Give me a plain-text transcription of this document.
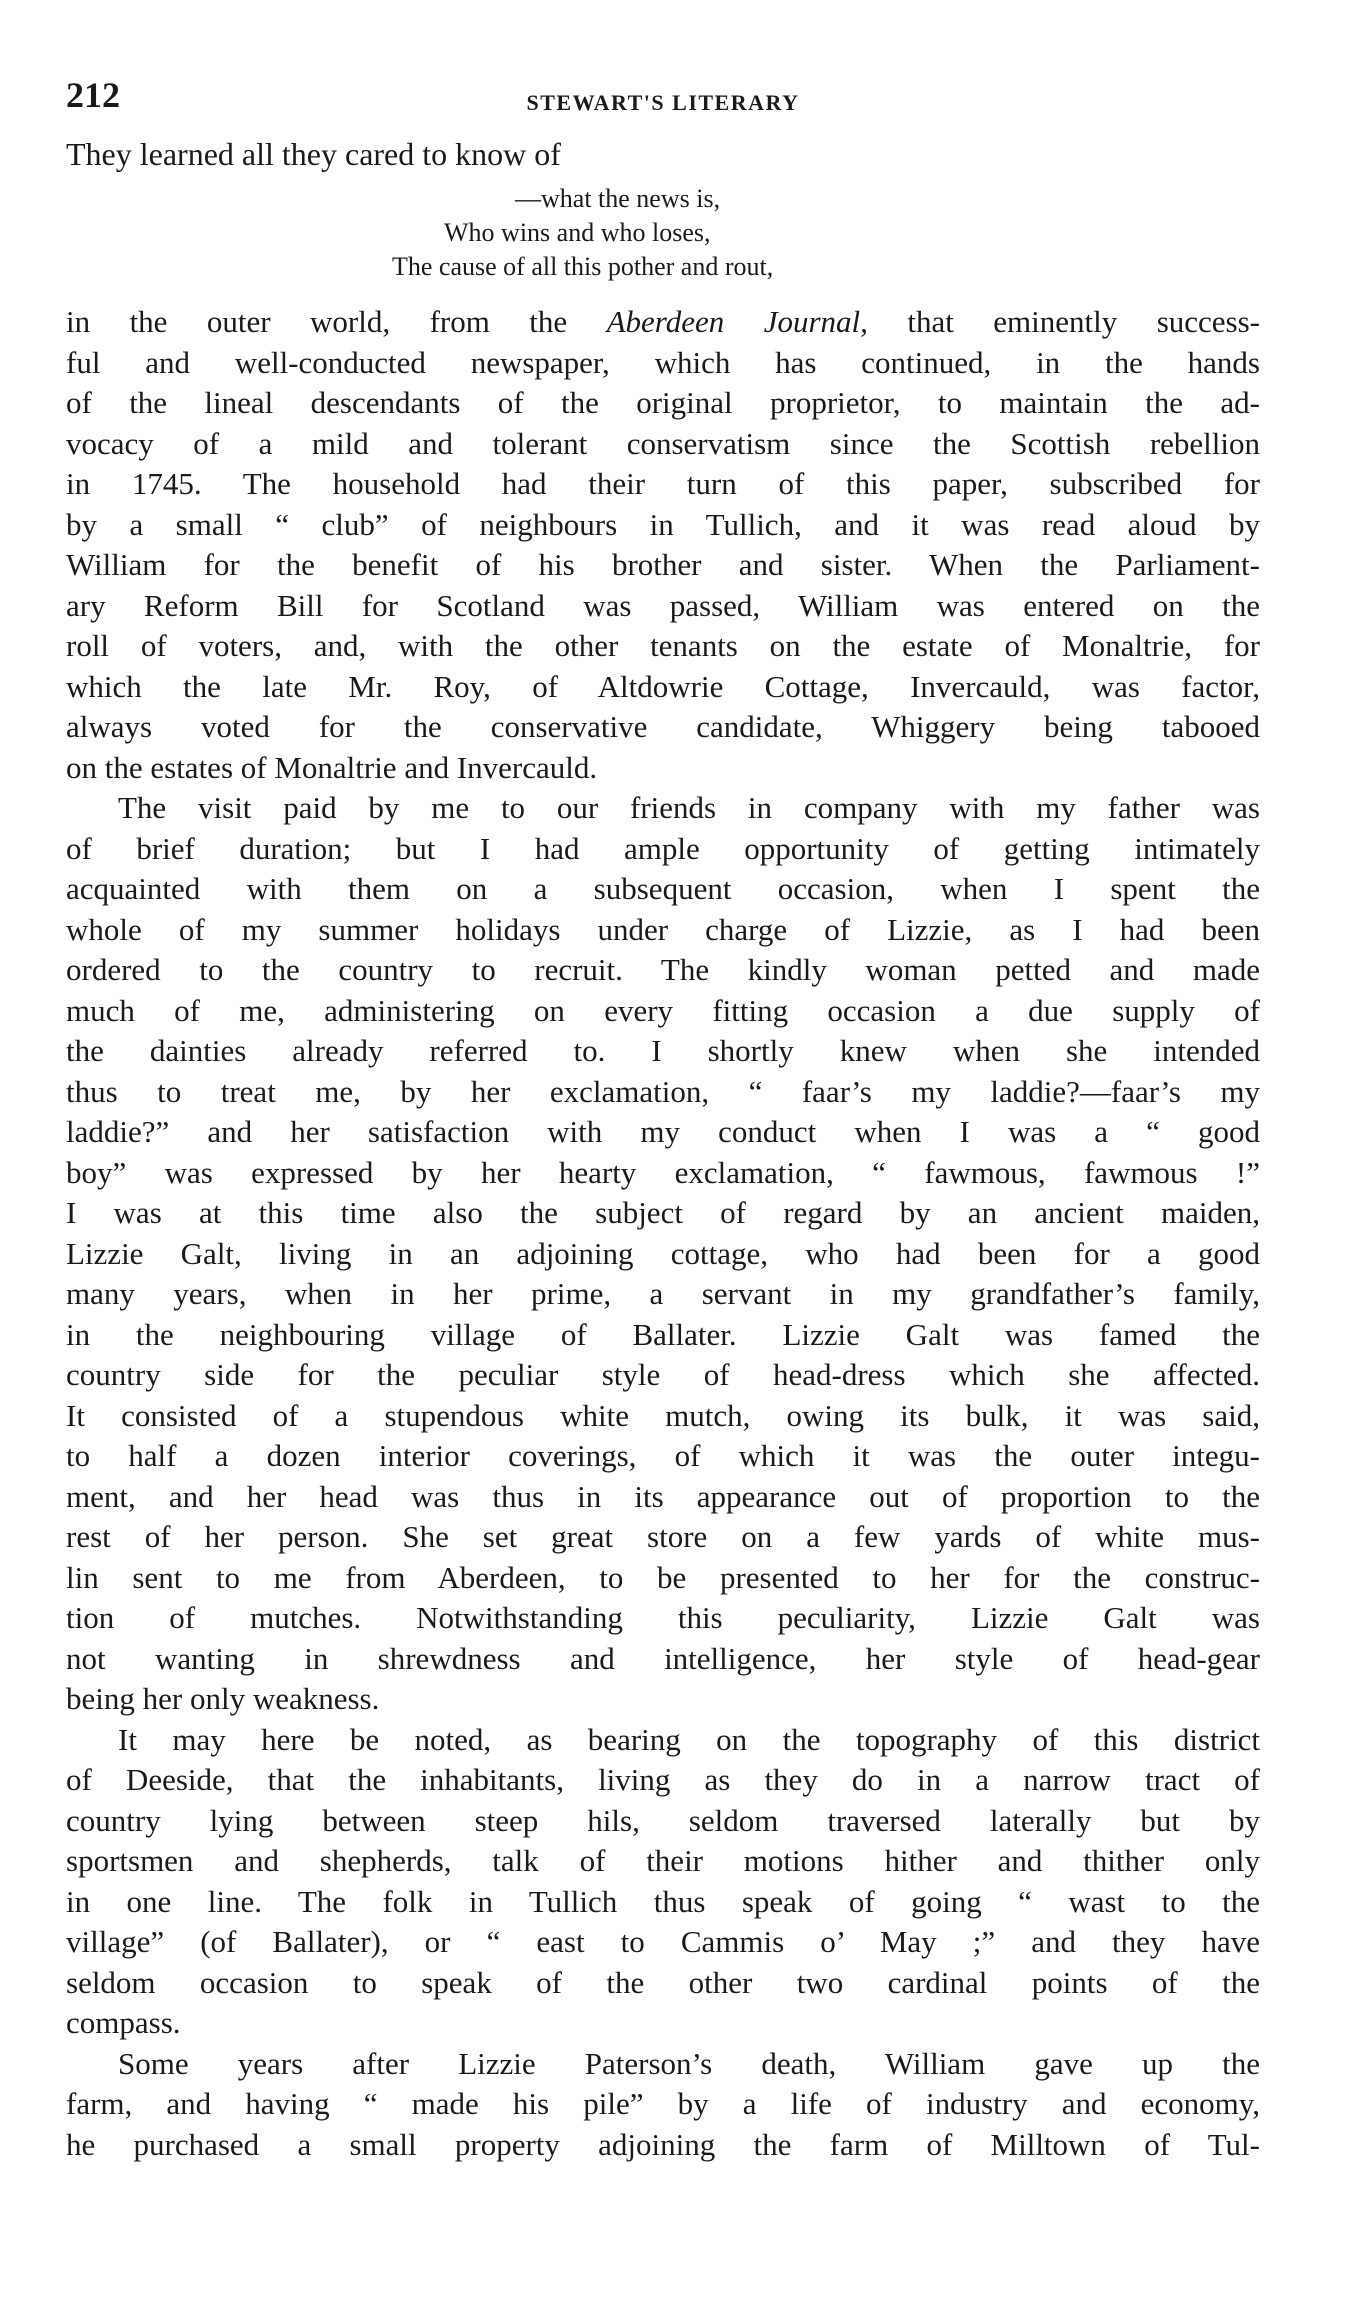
212	STEWART'S LITERARY

They learned all they cared to know of

—what the news is,
Who wins and who loses,
The cause of all this pother and rout,
in the outer world, from the Aberdeen Journal, that eminently success-
ful and well-conducted newspaper, which has continued, in the hands
of the lineal descendants of the original proprietor, to maintain the ad-
vocacy of a mild and tolerant conservatism since the Scottish rebellion
in 1745. The household had their turn of this paper, subscribed for
by a small “ club” of neighbours in Tullich, and it was read aloud by
William for the benefit of his brother and sister. When the Parliament-
ary Reform Bill for Scotland was passed, William was entered on the
roll of voters, and, with the other tenants on the estate of Monaltrie, for
which the late Mr. Roy, of Altdowrie Cottage, Invercauld, was factor,
always voted for the conservative candidate, Whiggery being tabooed
on the estates of Monaltrie and Invercauld.
The visit paid by me to our friends in company with my father was
of brief duration; but I had ample opportunity of getting intimately
acquainted with them on a subsequent occasion, when I spent the
whole of my summer holidays under charge of Lizzie, as I had been
ordered to the country to recruit. The kindly woman petted and made
much of me, administering on every fitting occasion a due supply of
the dainties already referred to. I shortly knew when she intended
thus to treat me, by her exclamation, “ faar’s my laddie?—faar’s my
laddie?” and her satisfaction with my conduct when I was a “ good
boy” was expressed by her hearty exclamation, “ fawmous, fawmous !”
I was at this time also the subject of regard by an ancient maiden,
Lizzie Galt, living in an adjoining cottage, who had been for a good
many years, when in her prime, a servant in my grandfather’s family,
in the neighbouring village of Ballater. Lizzie Galt was famed the
country side for the peculiar style of head-dress which she affected.
It consisted of a stupendous white mutch, owing its bulk, it was said,
to half a dozen interior coverings, of which it was the outer integu-
ment, and her head was thus in its appearance out of proportion to the
rest of her person. She set great store on a few yards of white mus-
lin sent to me from Aberdeen, to be presented to her for the construc-
tion of mutches. Notwithstanding this peculiarity, Lizzie Galt was
not wanting in shrewdness and intelligence, her style of head-gear
being her only weakness.
It may here be noted, as bearing on the topography of this district
of Deeside, that the inhabitants, living as they do in a narrow tract of
country lying between steep hils, seldom traversed laterally but by
sportsmen and shepherds, talk of their motions hither and thither only
in one line. The folk in Tullich thus speak of going “ wast to the
village” (of Ballater), or “ east to Cammis o’ May ;” and they have
seldom occasion to speak of the other two cardinal points of the
compass.
Some years after Lizzie Paterson’s death, William gave up the
farm, and having “ made his pile” by a life of industry and economy,
he purchased a small property adjoining the farm of Milltown of Tul-
